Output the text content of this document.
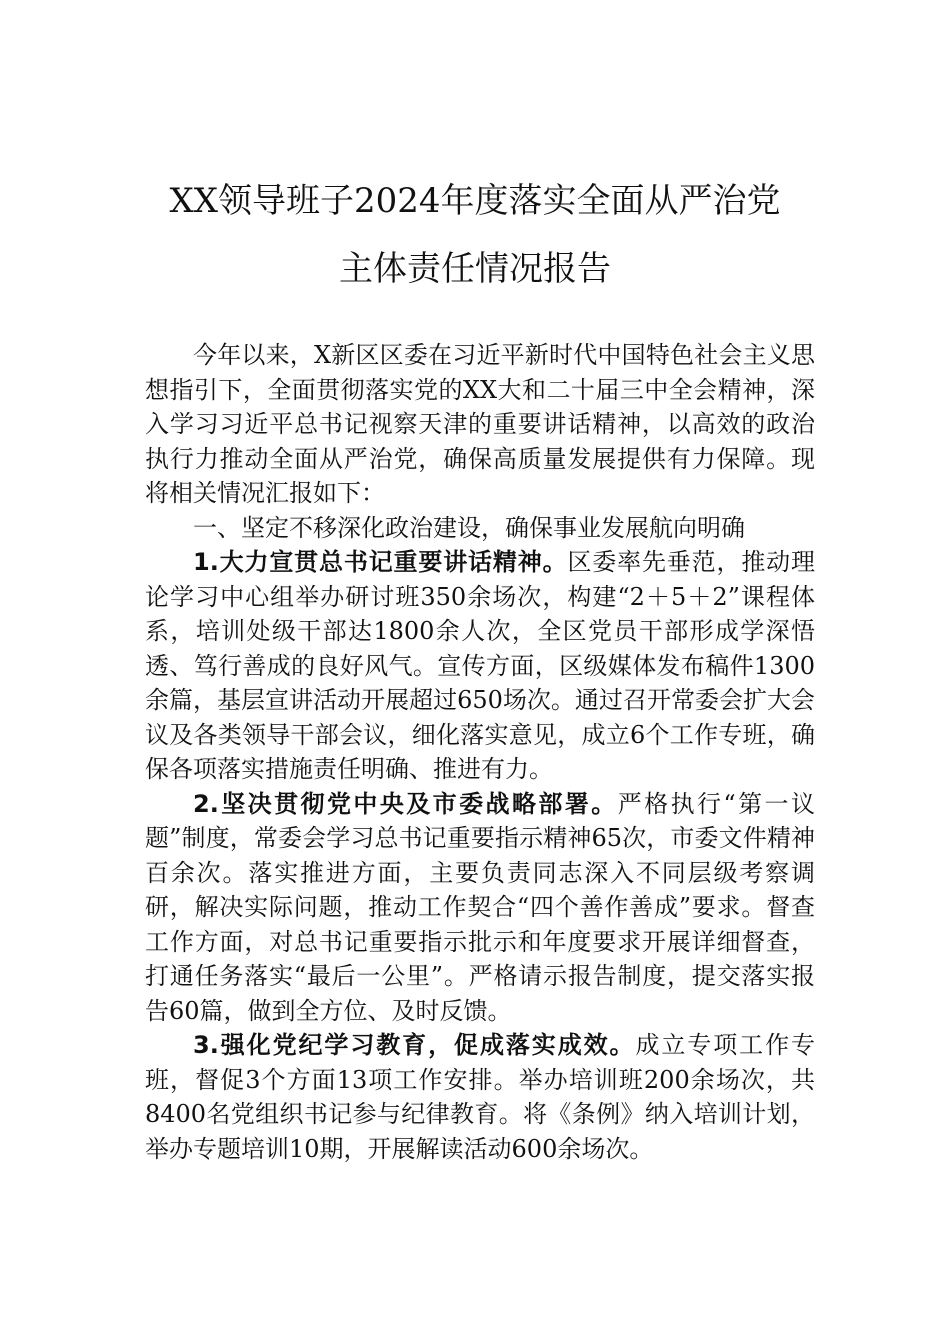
XX领导班子2024年度落实全面从严治党
主体责任情况报告

今年以来，X新区区委在习近平新时代中国特色社会主义思想指引下，全面贯彻落实党的XX大和二十届三中全会精神，深入学习习近平总书记视察天津的重要讲话精神，以高效的政治执行力推动全面从严治党，确保高质量发展提供有力保障。现将相关情况汇报如下：

一、坚定不移深化政治建设，确保事业发展航向明确

1.大力宣贯总书记重要讲话精神。区委率先垂范，推动理论学习中心组举办研讨班350余场次，构建“2＋5＋2”课程体系，培训处级干部达1800余人次，全区党员干部形成学深悟透、笃行善成的良好风气。宣传方面，区级媒体发布稿件1300余篇，基层宣讲活动开展超过650场次。通过召开常委会扩大会议及各类领导干部会议，细化落实意见，成立6个工作专班，确保各项落实措施责任明确、推进有力。

2.坚决贯彻党中央及市委战略部署。严格执行“第一议题”制度，常委会学习总书记重要指示精神65次，市委文件精神百余次。落实推进方面，主要负责同志深入不同层级考察调研，解决实际问题，推动工作契合“四个善作善成”要求。督查工作方面，对总书记重要指示批示和年度要求开展详细督查，打通任务落实“最后一公里”。严格请示报告制度，提交落实报告60篇，做到全方位、及时反馈。

3.强化党纪学习教育，促成落实成效。成立专项工作专班，督促3个方面13项工作安排。举办培训班200余场次，共8400名党组织书记参与纪律教育。将《条例》纳入培训计划，举办专题培训10期，开展解读活动600余场次。
